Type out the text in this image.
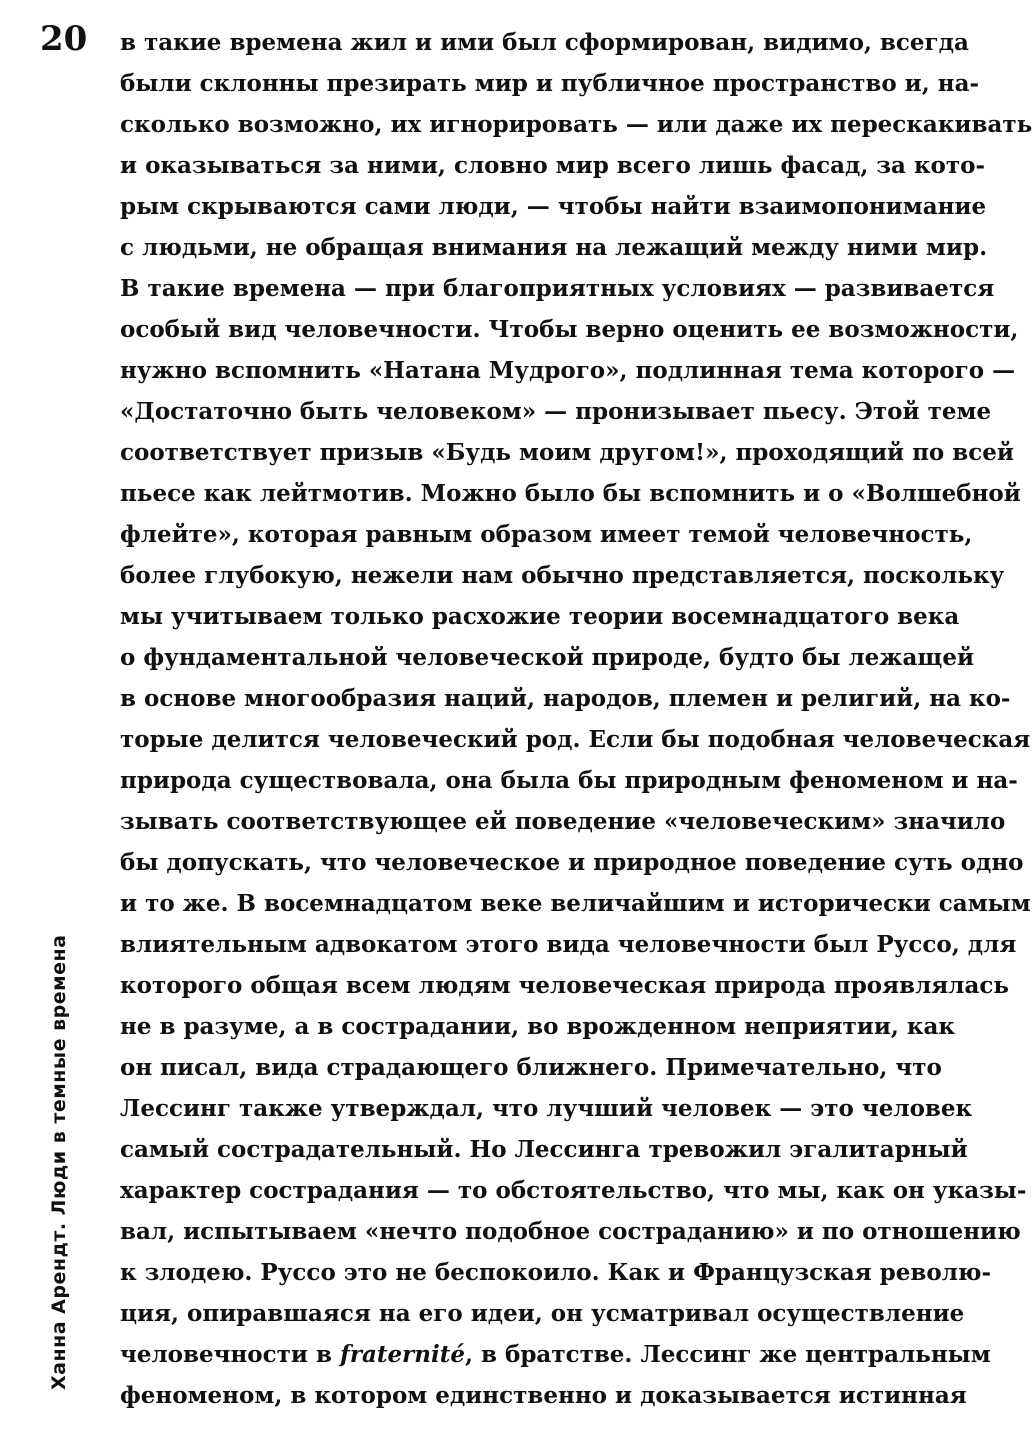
20
Ханна Арендт. Люди в темные времена
в такие времена жил и ими был сформирован, видимо, всегда
были склонны презирать мир и публичное пространство и, на-
сколько возможно, их игнорировать — или даже их перескакивать
и оказываться за ними, словно мир всего лишь фасад, за кото-
рым скрываются сами люди, — чтобы найти взаимопонимание
с людьми, не обращая внимания на лежащий между ними мир.
В такие времена — при благоприятных условиях — развивается
особый вид человечности. Чтобы верно оценить ее возможности,
нужно вспомнить «Натана Мудрого», подлинная тема которого —
«Достаточно быть человеком» — пронизывает пьесу. Этой теме
соответствует призыв «Будь моим другом!», проходящий по всей
пьесе как лейтмотив. Можно было бы вспомнить и о «Волшебной
флейте», которая равным образом имеет темой человечность,
более глубокую, нежели нам обычно представляется, поскольку
мы учитываем только расхожие теории восемнадцатого века
о фундаментальной человеческой природе, будто бы лежащей
в основе многообразия наций, народов, племен и религий, на ко-
торые делится человеческий род. Если бы подобная человеческая
природа существовала, она была бы природным феноменом и на-
зывать соответствующее ей поведение «человеческим» значило
бы допускать, что человеческое и природное поведение суть одно
и то же. В восемнадцатом веке величайшим и исторически самым
влиятельным адвокатом этого вида человечности был Руссо, для
которого общая всем людям человеческая природа проявлялась
не в разуме, а в сострадании, во врожденном неприятии, как
он писал, вида страдающего ближнего. Примечательно, что
Лессинг также утверждал, что лучший человек — это человек
самый сострадательный. Но Лессинга тревожил эгалитарный
характер сострадания — то обстоятельство, что мы, как он указы-
вал, испытываем «нечто подобное состраданию» и по отношению
к злодею. Руссо это не беспокоило. Как и Французская револю-
ция, опиравшаяся на его идеи, он усматривал осуществление
человечности в fraternité, в братстве. Лессинг же центральным
феноменом, в котором единственно и доказывается истинная
